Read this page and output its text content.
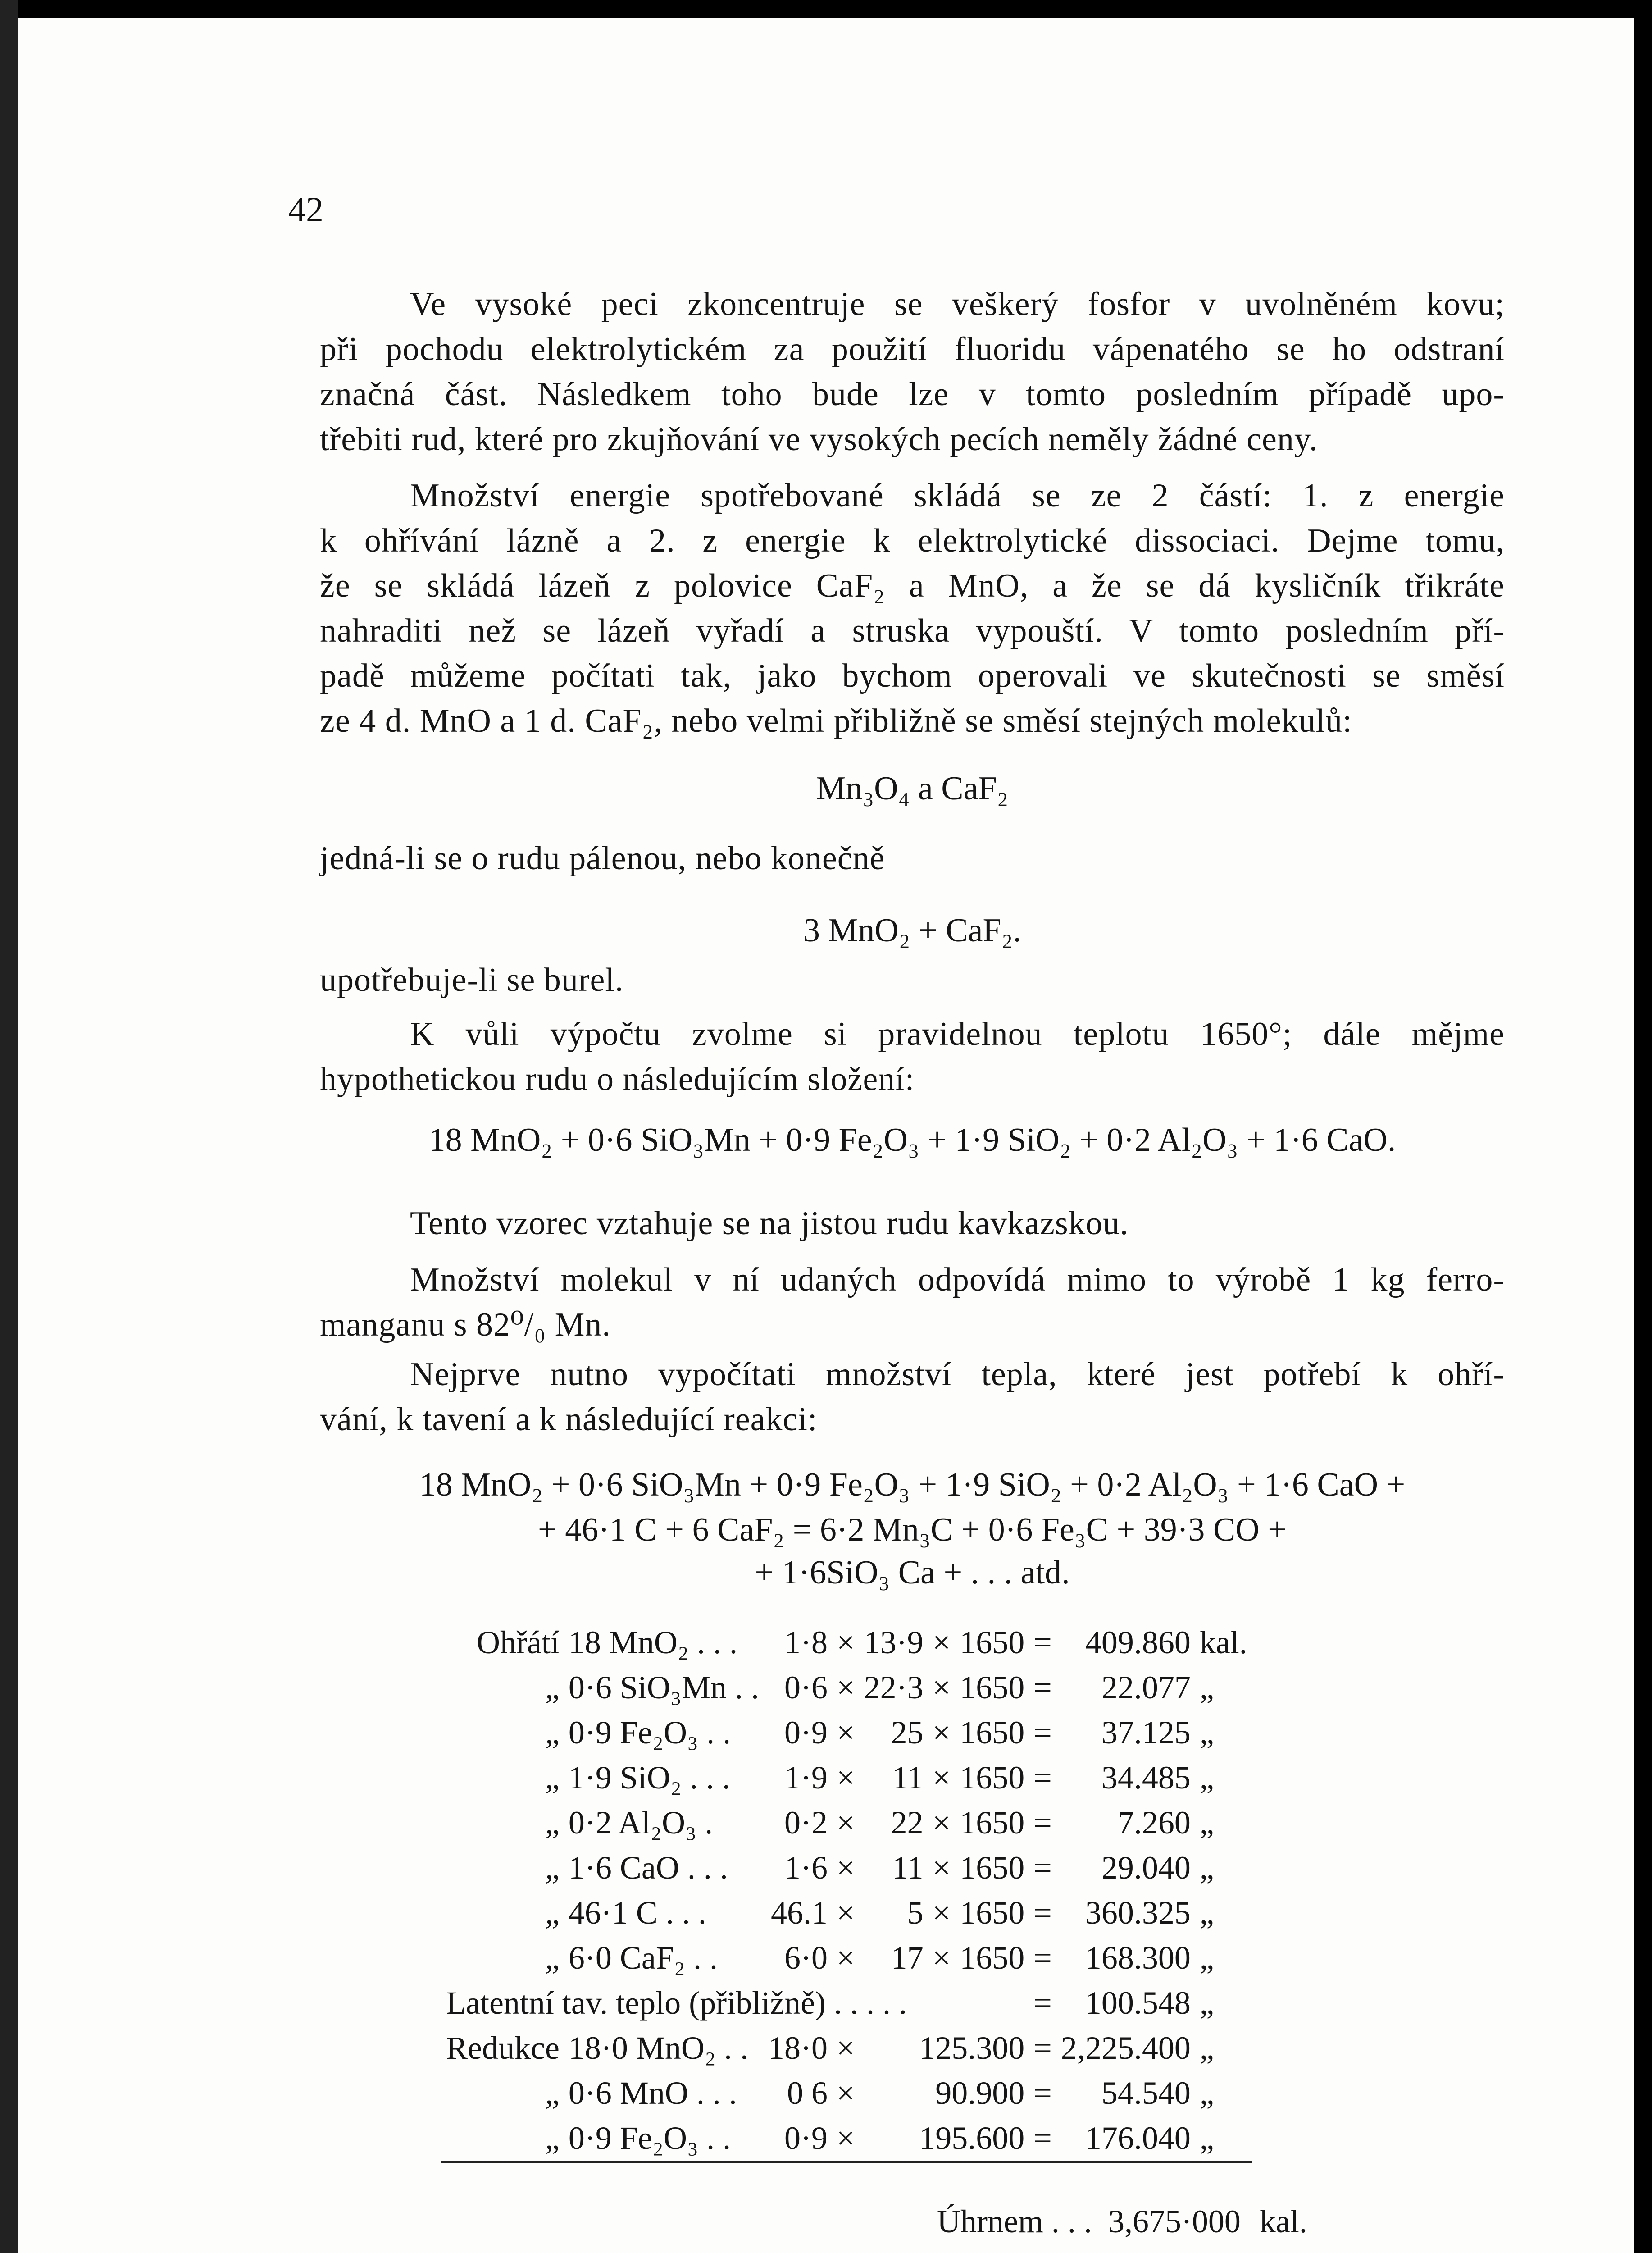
42
Ve vysoké peci zkoncentruje se veškerý fosfor v uvolněném kovu;
při pochodu elektrolytickém za použití fluoridu vápenatého se ho odstraní
značná část. Následkem toho bude lze v tomto posledním případě upo-
třebiti rud, které pro zkujňování ve vysokých pecích neměly žádné ceny.
Množství energie spotřebované skládá se ze 2 částí: 1. z energie
k ohřívání lázně a 2. z energie k elektrolytické dissociaci. Dejme tomu,
že se skládá lázeň z polovice CaF₂ a MnO, a že se dá kysličník třikráte
nahraditi než se lázeň vyřadí a struska vypouští. V tomto posledním pří-
padě můžeme počítati tak, jako bychom operovali ve skutečnosti se směsí
ze 4 d. MnO a 1 d. CaF₂, nebo velmi přibližně se směsí stejných molekulů:
Mn₃O₄ a CaF₂
jedná-li se o rudu pálenou, nebo konečně
3 MnO₂ + CaF₂.
upotřebuje-li se burel.
K vůli výpočtu zvolme si pravidelnou teplotu 1650°; dále mějme
hypothetickou rudu o následujícím složení:
18 MnO₂ + 0·6 SiO₃Mn + 0·9 Fe₂O₃ + 1·9 SiO₂ + 0·2 Al₂O₃ + 1·6 CaO.
Tento vzorec vztahuje se na jistou rudu kavkazskou.
Množství molekul v ní udaných odpovídá mimo to výrobě 1 kg ferro-
manganu s 82⁰/₀ Mn.
Nejprve nutno vypočítati množství tepla, které jest potřebí k ohří-
vání, k tavení a k následující reakci:
18 MnO₂ + 0·6 SiO₃Mn + 0·9 Fe₂O₃ + 1·9 SiO₂ + 0·2 Al₂O₃ + 1·6 CaO +
+ 46·1 C + 6 CaF₂ = 6·2 Mn₃C + 0·6 Fe₃C + 39·3 CO +
+ 1·6SiO₃ Ca + . . . atd.
Ohřátí	18 MnO₂ . . .	1·8	×	13·9	×	1650	=	409.860	kal.
„	0·6 SiO₃Mn . .	0·6	×	22·3	×	1650	=	22.077	„
„	0·9 Fe₂O₃ . .	0·9	×	25	×	1650	=	37.125	„
„	1·9 SiO₂ . . .	1·9	×	11	×	1650	=	34.485	„
„	0·2 Al₂O₃ .	0·2	×	22	×	1650	=	7.260	„
„	1·6 CaO . . .	1·6	×	11	×	1650	=	29.040	„
„	46·1 C . . .	46.1	×	5	×	1650	=	360.325	„
„	6·0 CaF₂ . .	6·0	×	17	×	1650	=	168.300	„
Latentní tav. teplo (přibližně) . . . . .							=	100.548	„
Redukce	18·0 MnO₂ . .	18·0	×	125.300			=	2,225.400	„
„	0·6 MnO . . .	0 6	×	90.900			=	54.540	„
„	0·9 Fe₂O₃ . .	0·9	×	195.600			=	176.040	„
Úhrnem . . . 3,675·000 kal.
